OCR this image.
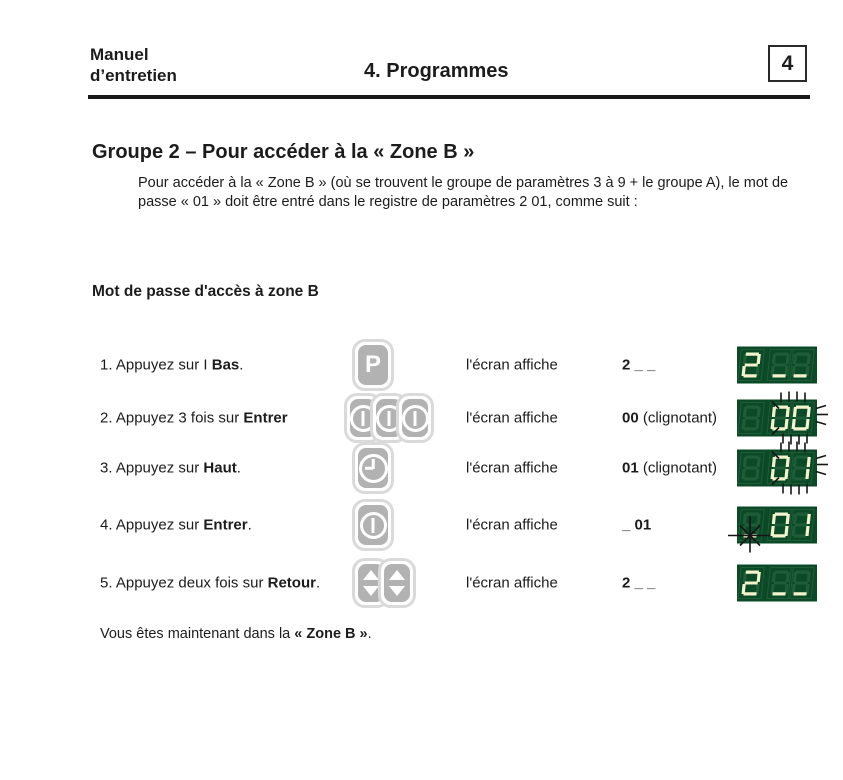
Manuel
d’entretien	4. Programmes	4
Groupe 2 – Pour accéder à la « Zone B »
Pour accéder à la « Zone B » (où se trouvent le groupe de paramètres 3 à 9 + le groupe A), le mot de passe « 01 » doit être entré dans le registre de paramètres 2 01, comme suit :
Mot de passe d'accès à zone B
1. Appuyez sur I Bas.	P	l'écran affiche	2 _ _
2. Appuyez 3 fois sur Entrer	l'écran affiche	00 (clignotant)
3. Appuyez sur Haut.	l'écran affiche	01 (clignotant)
4. Appuyez sur Entrer.	l'écran affiche	_ 01
5. Appuyez deux fois sur Retour.	l'écran affiche	2 _ _
Vous êtes maintenant dans la « Zone B ».
